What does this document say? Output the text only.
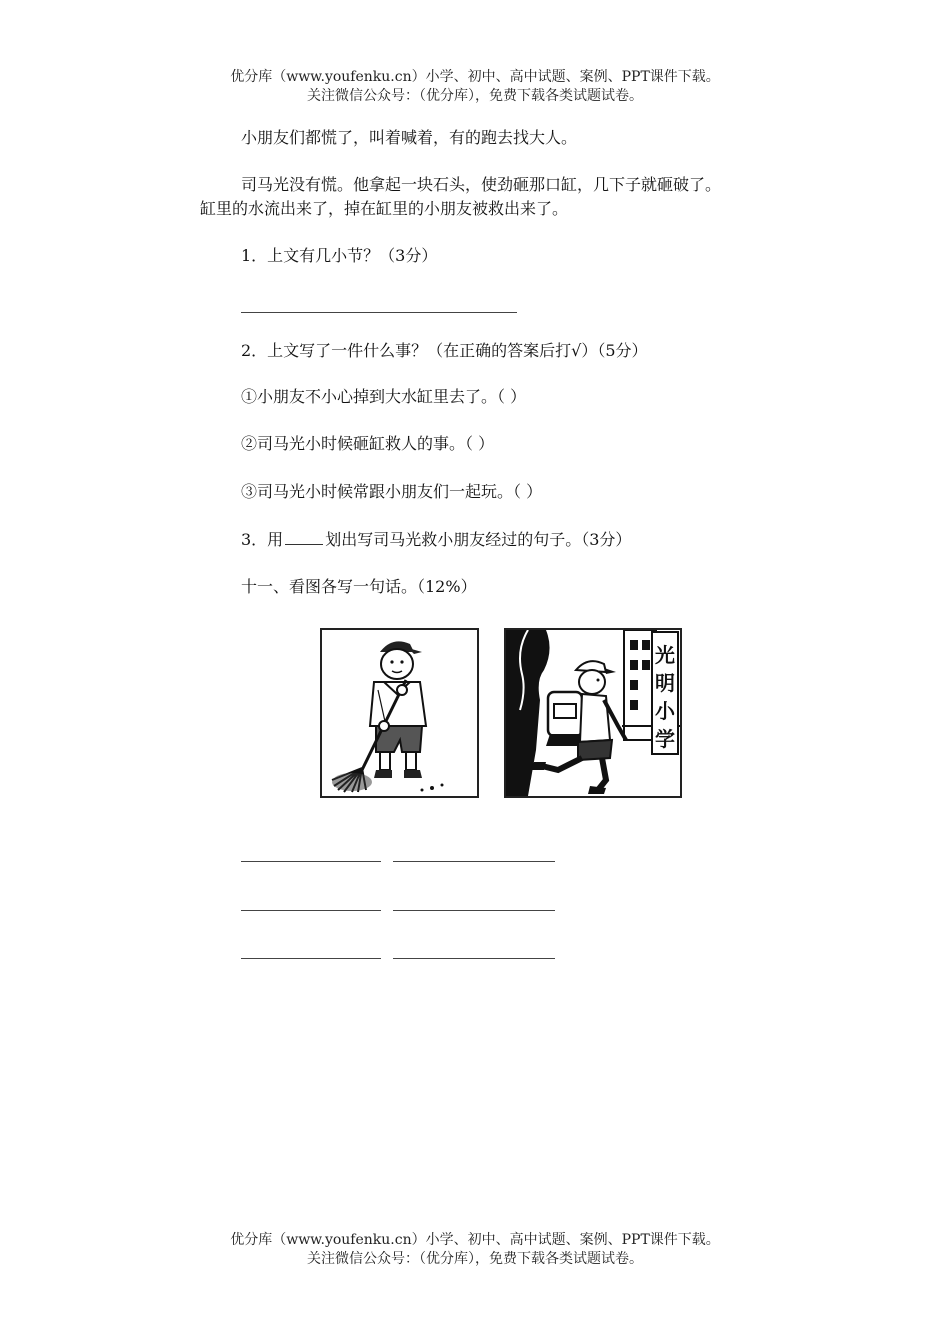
优分库（www.youfenku.cn）小学、初中、高中试题、案例、PPT课件下载。
关注微信公众号：（优分库），免费下载各类试题试卷。
小朋友们都慌了，叫着喊着，有的跑去找大人。
司马光没有慌。他拿起一块石头，使劲砸那口缸，几下子就砸破了。
缸里的水流出来了，掉在缸里的小朋友被救出来了。
1．上文有几小节？（3分）
2．上文写了一件什么事？（在正确的答案后打√）（5分）
①小朋友不小心掉到大水缸里去了。（ ）
②司马光小时候砸缸救人的事。（ ）
③司马光小时候常跟小朋友们一起玩。（ ）
3．用	划出写司马光救小朋友经过的句子。（3分）
十一、看图各写一句话。（12%）
光
明
小
学
优分库（www.youfenku.cn）小学、初中、高中试题、案例、PPT课件下载。
关注微信公众号：（优分库），免费下载各类试题试卷。
